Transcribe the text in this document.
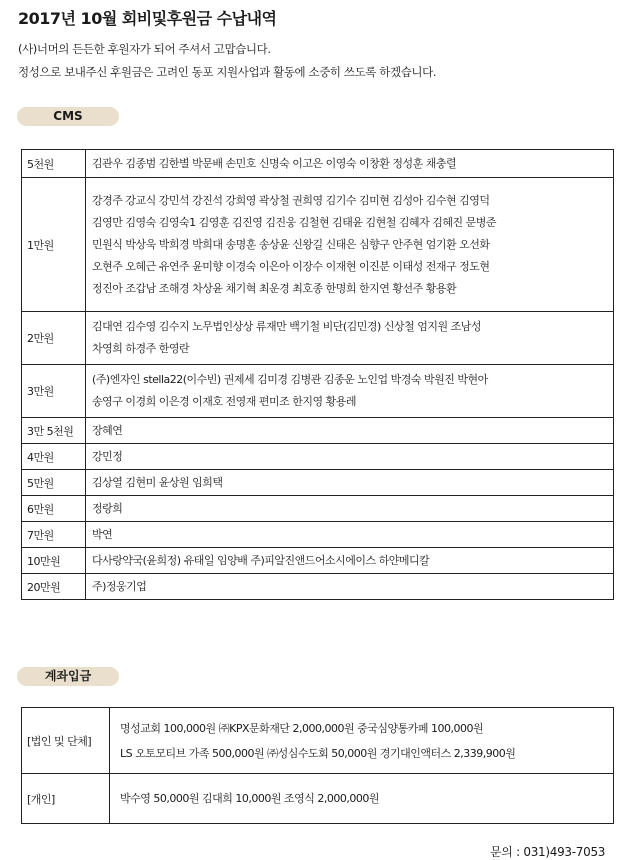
2017년 10월 회비및후원금 수납내역
(사)너머의 든든한 후원자가 되어 주셔서 고맙습니다.
정성으로 보내주신 후원금은 고려인 동포 지원사업과 활동에 소중히 쓰도록 하겠습니다.
CMS
5천원	김관우 김종범 김한별 박문배 손민호 신명숙 이고은 이영숙 이창환 정성훈 채충렬

1만원	강경주 강교식 강민석 강진석 강희영 곽상철 권희영 김기수 김미현 김성아 김수현 김영덕
김영만 김영숙 김영숙1 김영훈 김진영 김진웅 김철현 김태윤 김현철 김혜자 김혜진 문병준
민원식 박상욱 박희경 박희대 송명훈 송상윤 신왕길 신태은 심향구 안주현 엄기환 오선화
오현주 오혜근 유연주 윤미향 이경숙 이은아 이장수 이재현 이진분 이태성 전재구 정도현
정진아 조갑남 조해경 차상윤 채기혁 최운경 최호종 한명희 한지연 황선주 황용환

2만원	김대연 김수영 김수지 노무법인상상 류재만 백기철 비단(김민경) 신상철 엄지원 조남성
차영희 하경주 한영란

3만원	(주)엔자인 stella22(이수빈) 권제세 김미경 김병관 김종운 노인업 박경숙 박원진 박현아
송영구 이경희 이은경 이재호 전영재 편미조 한지영 황용레

3만 5천원	장혜연

4만원	강민정

5만원	김상열 김현미 윤상원 임희택

6만원	정랑희

7만원	박연

10만원	다사랑약국(윤희정) 유태일 임양배 주)피알진앤드어소시에이스 하얀메디칼

20만원	주)정웅기업
계좌입금
[법인 및 단체]	명성교회 100,000원 ㈜KPX문화재단 2,000,000원 중국심양통카페 100,000원
LS 오토모티브 가족 500,000원 ㈜성심수도회 50,000원 경기대인액터스 2,339,900원

[개인]	박수영 50,000원 김대희 10,000원 조영식 2,000,000원
문의 : 031)493-7053
